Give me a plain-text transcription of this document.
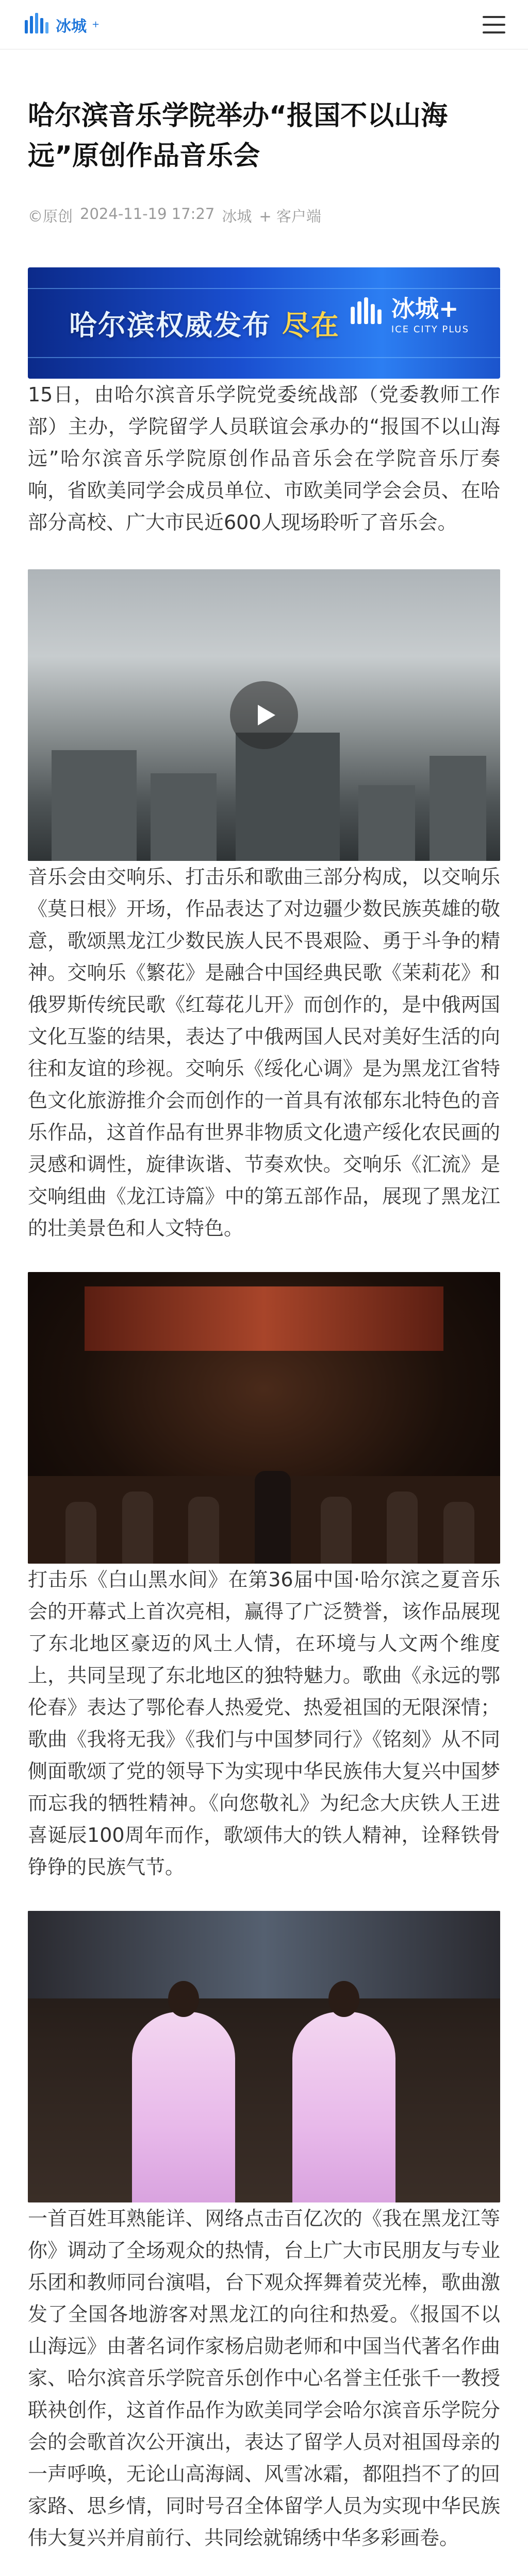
冰城 +
哈尔滨音乐学院举办“报国不以山海远”原创作品音乐会
©原创 2024-11-19 17:27 冰城 + 客户端
哈尔滨权威发布 尽在
冰城+
ICE CITY PLUS

15日，由哈尔滨音乐学院党委统战部（党委教师工作部）主办，学院留学人员联谊会承办的“报国不以山海远”哈尔滨音乐学院原创作品音乐会在学院音乐厅奏响，省欧美同学会成员单位、市欧美同学会会员、在哈部分高校、广大市民近600人现场聆听了音乐会。

音乐会由交响乐、打击乐和歌曲三部分构成，以交响乐《莫日根》开场，作品表达了对边疆少数民族英雄的敬意，歌颂黑龙江少数民族人民不畏艰险、勇于斗争的精神。交响乐《繁花》是融合中国经典民歌《茉莉花》和俄罗斯传统民歌《红莓花儿开》而创作的，是中俄两国文化互鉴的结果，表达了中俄两国人民对美好生活的向往和友谊的珍视。交响乐《绥化心调》是为黑龙江省特色文化旅游推介会而创作的一首具有浓郁东北特色的音乐作品，这首作品有世界非物质文化遗产绥化农民画的灵感和调性，旋律诙谐、节奏欢快。交响乐《汇流》是交响组曲《龙江诗篇》中的第五部作品，展现了黑龙江的壮美景色和人文特色。

打击乐《白山黑水间》在第36届中国·哈尔滨之夏音乐会的开幕式上首次亮相，赢得了广泛赞誉，该作品展现了东北地区豪迈的风土人情，在环境与人文两个维度上，共同呈现了东北地区的独特魅力。歌曲《永远的鄂伦春》表达了鄂伦春人热爱党、热爱祖国的无限深情；歌曲《我将无我》《我们与中国梦同行》《铭刻》从不同侧面歌颂了党的领导下为实现中华民族伟大复兴中国梦而忘我的牺牲精神。《向您敬礼》为纪念大庆铁人王进喜诞辰100周年而作，歌颂伟大的铁人精神，诠释铁骨铮铮的民族气节。

一首百姓耳熟能详、网络点击百亿次的《我在黑龙江等你》调动了全场观众的热情，台上广大市民朋友与专业乐团和教师同台演唱，台下观众挥舞着荧光棒，歌曲激发了全国各地游客对黑龙江的向往和热爱。《报国不以山海远》由著名词作家杨启勋老师和中国当代著名作曲家、哈尔滨音乐学院音乐创作中心名誉主任张千一教授联袂创作，这首作品作为欧美同学会哈尔滨音乐学院分会的会歌首次公开演出，表达了留学人员对祖国母亲的一声呼唤，无论山高海阔、风雪冰霜，都阻挡不了的回家路、思乡情，同时号召全体留学人员为实现中华民族伟大复兴并肩前行、共同绘就锦绣中华多彩画卷。
